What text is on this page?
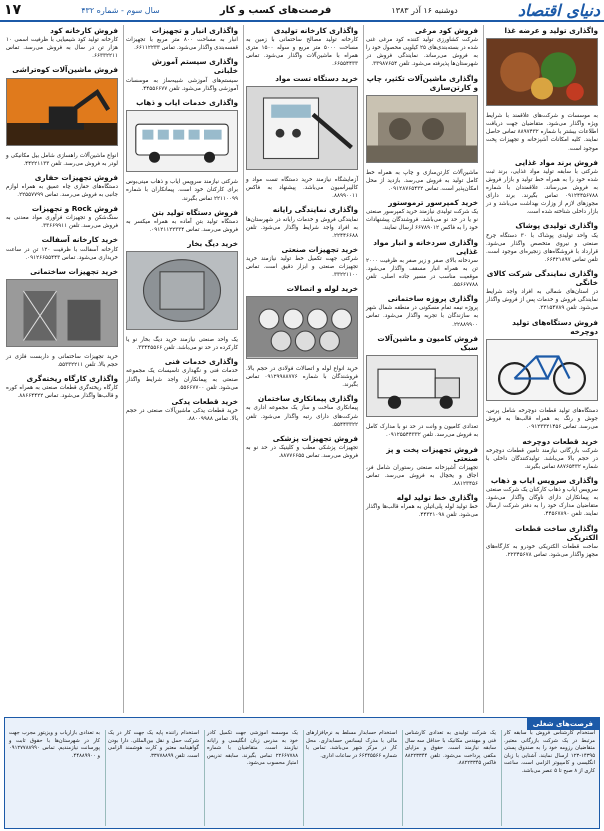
دنیای اقتصاد
دوشنبه ۱۶ آذر ۱۳۸۳
فرصت‌های کسب و کار
سال سوم - شماره ۴۳۲
۱۷
واگذاری تولید و عرضه غذا

به موسسات و شرکت‌های علاقمند با شرایط ویژه واگذار می‌شود. متقاضیان جهت دریافت اطلاعات بیشتر با شماره ۸۸۹۷۴۳۲ تماس حاصل نمایند. کلیه امکانات آشپزخانه و تجهیزات پخت موجود است.

فروش برند مواد غذایی

شرکتی با سابقه تولید مواد غذایی، برند ثبت شده خود را به همراه خط تولید و بازار فروش به فروش می‌رساند. علاقمندان با شماره ۰۹۱۲۴۴۵۶۷۸۸ تماس بگیرند. برند دارای مجوزهای لازم از وزارت بهداشت می‌باشد و در بازار داخلی شناخته شده است.

واگذاری تولیدی پوشاک

یک واحد تولیدی پوشاک با ۳۰ دستگاه چرخ صنعتی و نیروی متخصص واگذار می‌شود. قرارداد با فروشگاه‌های زنجیره‌ای موجود است. تلفن تماس ۶۶۴۲۱۸۹۷.

واگذاری نمایندگی شرکت کالای خانگی

در استان‌های شمالی به افراد واجد شرایط نمایندگی فروش و خدمات پس از فروش واگذار می‌شود. تلفن ۲۲۱۵۴۷۸۹.

فروش دستگاه‌های تولید دوچرخه

دستگاه‌های تولید قطعات دوچرخه شامل پرس، جوش و رنگ به همراه قالب‌ها به فروش می‌رسد. تماس ۰۹۱۲۳۳۲۱۴۵۶.

خرید قطعات دوچرخه

شرکت بازرگانی نیازمند تامین قطعات دوچرخه در حجم بالا می‌باشد. تولیدکنندگان داخلی با شماره ۸۸۷۶۵۴۳۲ تماس بگیرند.

واگذاری سرویس ایاب و ذهاب

سرویس ایاب و ذهاب کارکنان یک شرکت صنعتی به پیمانکاران دارای ناوگان واگذار می‌شود. متقاضیان مدارک خود را به دفتر شرکت ارسال نمایند. تلفن ۴۴۵۶۷۸۹۰.

واگذاری ساخت قطعات الکتریکی

ساخت قطعات الکتریکی خودرو به کارگاه‌های مجهز واگذار می‌شود. تماس ۲۲۳۴۵۶۷۸.

فروش کود مرغی

شرکت کشاورزی تولید کننده کود مرغی غنی شده در بسته‌بندی‌های ۲۵ کیلویی محصول خود را به فروش می‌رساند. نمایندگی فروش در شهرستان‌ها پذیرفته می‌شود. تلفن ۳۳۹۸۷۶۵۴.

واگذاری ماشین‌آلات تکثیر، چاپ و کارتن‌سازی

ماشین‌آلات کارتن‌سازی و چاپ به همراه خط کامل تولید به فروش می‌رسد. بازدید از محل امکان‌پذیر است. تماس ۰۹۱۲۸۷۶۵۴۳۲.

خرید کمپرسور ترموستور

یک شرکت تولیدی نیازمند خرید کمپرسور صنعتی نو یا در حد نو می‌باشد. فروشندگان پیشنهادات خود را به فاکس ۶۶۷۸۹۰۱۲ ارسال نمایند.

واگذاری سردخانه و انبار مواد غذایی

سردخانه بالای صفر و زیر صفر به ظرفیت ۲۰۰۰ تن به همراه انبار مسقف واگذار می‌شود. موقعیت مناسب در مسیر جاده اصلی. تلفن ۵۵۶۶۷۷۸۸.

واگذاری پروژه ساختمانی

پروژه نیمه تمام مسکونی در منطقه شمال شهر به سازندگان با تجربه واگذار می‌شود. تماس ۲۲۸۸۹۹۰۰.

فروش کامیون و ماشین‌آلات سبک

تعدادی کامیون و وانت در حد نو با مدارک کامل به فروش می‌رسد. تلفن ۰۹۱۲۵۵۴۴۳۳۲.

فروش تجهیزات پخت و پز صنعتی

تجهیزات آشپزخانه صنعتی رستوران شامل فر، اجاق و یخچال به فروش می‌رسد. تماس ۸۸۱۲۳۴۵۶.

واگذاری خط تولید لوله

خط تولید لوله پلی‌اتیلن به همراه قالب‌ها واگذار می‌شود. تلفن ۴۴۳۲۱۰۹۸.

واگذاری کارخانه تولیدی

کارخانه تولید مصالح ساختمانی با زمین به مساحت ۵۰۰۰ متر مربع و سوله ۱۵۰۰ متری همراه با ماشین‌آلات واگذار می‌شود. تماس ۶۶۵۵۴۴۳۳.

خرید دستگاه تست مواد

آزمایشگاه نیازمند خرید دستگاه تست مواد و کالیبراسیون می‌باشد. پیشنهاد به فاکس ۸۸۹۹۰۰۱۱.

واگذاری نمایندگی رایانه

نمایندگی فروش و خدمات رایانه در شهرستان‌ها به افراد واجد شرایط واگذار می‌شود. تلفن ۲۲۴۴۶۶۸۸.

خرید تجهیزات صنعتی

شرکتی جهت تکمیل خط تولید نیازمند خرید تجهیزات صنعتی و ابزار دقیق است. تماس ۳۳۲۲۱۱۰۰.

خرید لوله و اتصالات

خرید انواع لوله و اتصالات فولادی در حجم بالا. فروشندگان با شماره ۰۹۱۲۹۹۸۸۷۷۶ تماس بگیرند.

واگذاری پیمانکاری ساختمان

پیمانکاری ساخت و ساز یک مجموعه اداری به شرکت‌های دارای رتبه واگذار می‌شود. تلفن ۵۵۴۴۳۳۲۲.

فروش تجهیزات پزشکی

تجهیزات پزشکی مطب و کلینیک در حد نو به فروش می‌رسد. تماس ۸۸۷۷۶۶۵۵.

واگذاری انبار و تجهیزات

انبار به مساحت ۸۰۰ متر مربع با تجهیزات قفسه‌بندی واگذار می‌شود. تماس ۶۶۱۱۲۲۳۳.

واگذاری سیستم آموزش خلبانی

سیستم‌های آموزشی شبیه‌ساز به موسسات آموزشی واگذار می‌شود. تلفن ۴۴۵۵۶۶۷۷.

واگذاری خدمات ایاب و ذهاب

شرکتی نیازمند سرویس ایاب و ذهاب مینی‌بوس برای کارکنان خود است. پیمانکاران با شماره ۲۲۱۱۰۰۹۹ تماس بگیرند.

فروش دستگاه تولید بتن

دستگاه تولید بتن آماده به همراه میکسر به فروش می‌رسد. تماس ۰۹۱۲۱۱۲۲۳۳۴.

خرید دیگ بخار

یک واحد صنعتی نیازمند خرید دیگ بخار نو یا کارکرده در حد نو می‌باشد. تلفن ۳۳۴۴۵۵۶۶.

واگذاری خدمات فنی

خدمات فنی و نگهداری تاسیسات یک مجموعه صنعتی به پیمانکاران واجد شرایط واگذار می‌شود. تلفن ۵۵۶۶۷۷۰۰.

خرید قطعات یدکی

خرید قطعات یدکی ماشین‌آلات صنعتی در حجم بالا. تماس ۸۸۰۰۹۹۸۸.

فروش کارخانه کود

کارخانه تولید کود شیمیایی با ظرفیت اسمی ۱۰ هزار تن در سال به فروش می‌رسد. تماس ۶۶۳۳۲۲۱۱.

فروش ماشین‌آلات کوه‌تراشی

انواع ماشین‌آلات راهسازی شامل بیل مکانیکی و لودر به فروش می‌رسد. تلفن ۴۴۲۲۱۱۳۳.

فروش تجهیزات حفاری

دستگاه‌های حفاری چاه عمیق به همراه لوازم جانبی به فروش می‌رسد. تماس ۲۲۵۵۷۷۹۹.

فروش Rock و تجهیزات

سنگ‌شکن و تجهیزات فرآوری مواد معدنی به فروش می‌رسد. تلفن ۳۳۶۶۹۹۱۱.

خرید کارخانه آسفالت

کارخانه آسفالت با ظرفیت ۱۲۰ تن در ساعت خریداری می‌شود. تماس ۰۹۱۲۶۶۵۵۴۴۳.

خرید تجهیزات ساختمانی

خرید تجهیزات ساختمانی و داربست فلزی در حجم بالا. تلفن ۵۵۳۳۲۲۱۱.

واگذاری کارگاه ریخته‌گری

کارگاه ریخته‌گری قطعات صنعتی به همراه کوره و قالب‌ها واگذار می‌شود. تماس ۸۸۶۶۴۴۲۲.

فرصت‌های شغلی
استخدام کارشناس فروش با سابقه کار مرتبط در یک شرکت بازرگانی معتبر. متقاضیان رزومه خود را به صندوق پستی ۱۴۳۹۵-۱۲۳ ارسال نمایند. آشنایی با زبان انگلیسی و کامپیوتر الزامی است. ساعت کاری از ۸ صبح تا ۵ عصر می‌باشد.
یک شرکت تولیدی به تعدادی کارشناس فنی و مهندس مکانیک با حداقل سه سال سابقه نیازمند است. حقوق و مزایای مکفی پرداخت می‌شود. تلفن ۸۸۲۲۳۳۴۴ فاکس ۸۸۲۲۳۳۴۵.
استخدام حسابدار مسلط به نرم‌افزارهای مالی با مدرک لیسانس حسابداری. محل کار در مرکز شهر می‌باشد. تماس با شماره ۶۶۴۴۵۵۶۶ در ساعات اداری.
یک موسسه آموزشی جهت تکمیل کادر خود به مدرس زبان انگلیسی و رایانه نیازمند است. متقاضیان با شماره ۲۲۶۶۷۷۸۸ تماس بگیرند. سابقه تدریس امتیاز محسوب می‌شود.
استخدام راننده پایه یک جهت کار در یک شرکت حمل و نقل بین‌المللی. دارا بودن گواهینامه معتبر و کارت هوشمند الزامی است. تلفن ۳۳۷۷۸۸۹۹.
به تعدادی بازاریاب و ویزیتور مجرب جهت کار در شهرستان‌ها با حقوق ثابت و پورسانت نیازمندیم. تماس ۰۹۱۲۷۷۸۸۹۹۰ و ۴۴۸۸۹۹۰۰.
